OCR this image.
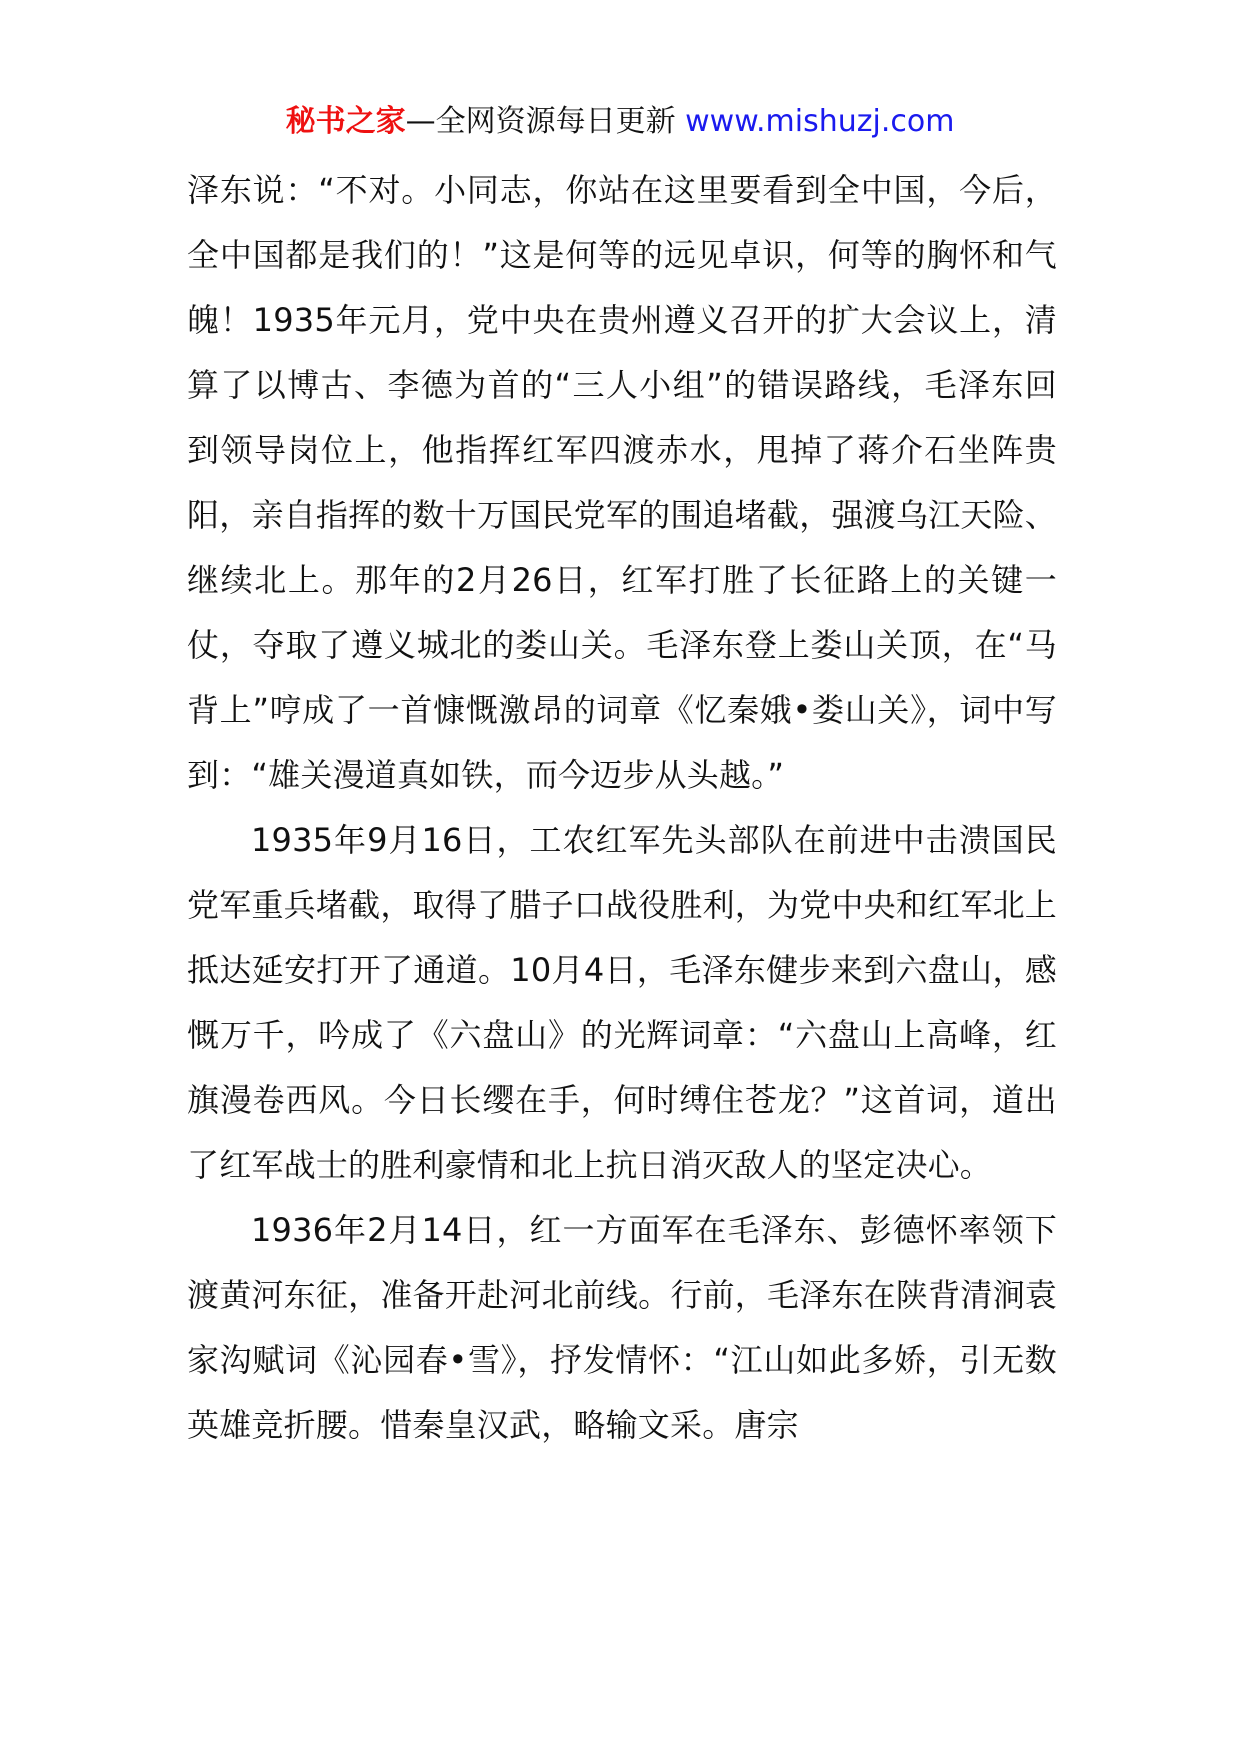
秘书之家—全网资源每日更新 www.mishuzj.com

泽东说：“不对。小同志，你站在这里要看到全中国，今后，全中国都是我们的！”这是何等的远见卓识，何等的胸怀和气魄！1935年元月，党中央在贵州遵义召开的扩大会议上，清算了以博古、李德为首的“三人小组”的错误路线，毛泽东回到领导岗位上，他指挥红军四渡赤水，甩掉了蒋介石坐阵贵阳，亲自指挥的数十万国民党军的围追堵截，强渡乌江天险、继续北上。那年的2月26日，红军打胜了长征路上的关键一仗，夺取了遵义城北的娄山关。毛泽东登上娄山关顶，在“马背上”哼成了一首慷慨激昂的词章《忆秦娥•娄山关》，词中写到：“雄关漫道真如铁，而今迈步从头越。”

1935年9月16日，工农红军先头部队在前进中击溃国民党军重兵堵截，取得了腊子口战役胜利，为党中央和红军北上抵达延安打开了通道。10月4日，毛泽东健步来到六盘山，感慨万千，吟成了《六盘山》的光辉词章：“六盘山上高峰，红旗漫卷西风。今日长缨在手，何时缚住苍龙？”这首词，道出了红军战士的胜利豪情和北上抗日消灭敌人的坚定决心。

1936年2月14日，红一方面军在毛泽东、彭德怀率领下渡黄河东征，准备开赴河北前线。行前，毛泽东在陕背清涧袁家沟赋词《沁园春•雪》，抒发情怀：“江山如此多娇，引无数英雄竞折腰。惜秦皇汉武，略输文采。唐宗
